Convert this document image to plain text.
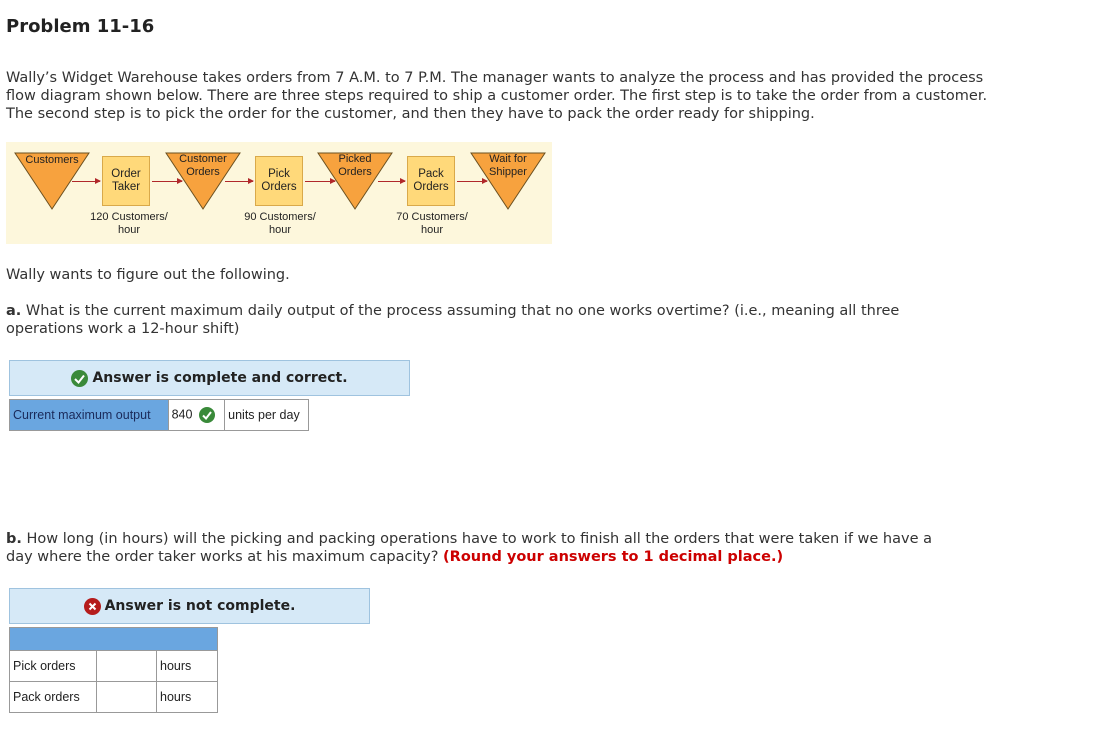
Problem 11-16
Wally’s Widget Warehouse takes orders from 7 A.M. to 7 P.M. The manager wants to analyze the process and has provided the process flow diagram shown below. There are three steps required to ship a customer order. The first step is to take the order from a customer. The second step is to pick the order for the customer, and then they have to pack the order ready for shipping.
Customers	Customer Orders
Picked Orders
Wait for Shipper
Order Taker
Pick Orders
Pack Orders
120 Customers/ hour
90 Customers/ hour
70 Customers/ hour
Wally wants to figure out the following.
a. What is the current maximum daily output of the process assuming that no one works overtime? (i.e., meaning all three operations work a 12-hour shift)
Answer is complete and correct.
Current maximum output	840	units per day
b. How long (in hours) will the picking and packing operations have to work to finish all the orders that were taken if we have a day where the order taker works at his maximum capacity? (Round your answers to 1 decimal place.)
Answer is not complete.

Pick orders		hours
Pack orders		hours
